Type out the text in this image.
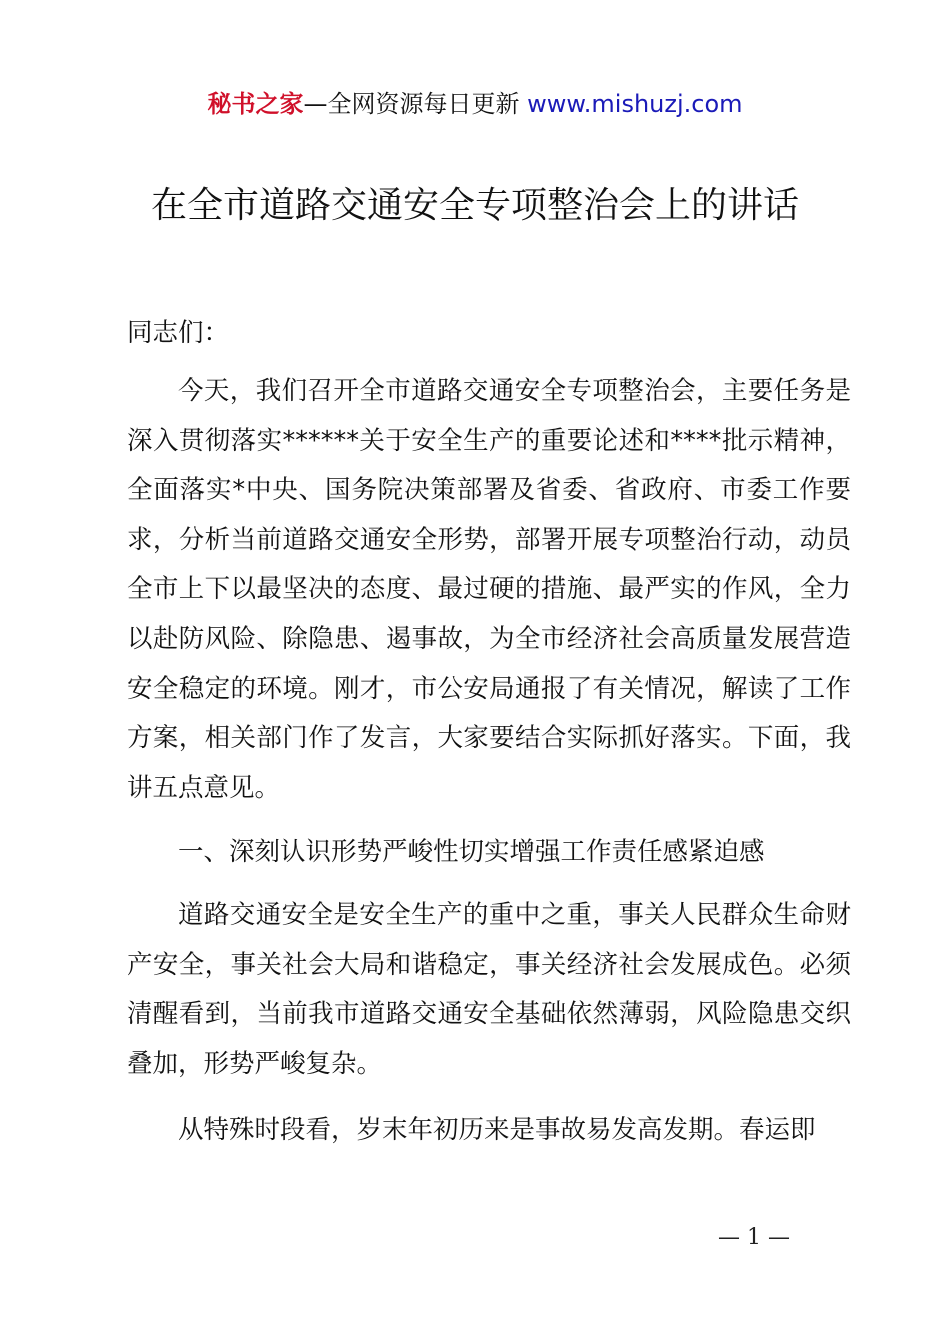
秘书之家—全网资源每日更新 www.mishuzj.com
在全市道路交通安全专项整治会上的讲话
同志们：

今天，我们召开全市道路交通安全专项整治会，主要任务是深入贯彻落实******关于安全生产的重要论述和****批示精神，全面落实*中央、国务院决策部署及省委、省政府、市委工作要求，分析当前道路交通安全形势，部署开展专项整治行动，动员全市上下以最坚决的态度、最过硬的措施、最严实的作风，全力以赴防风险、除隐患、遏事故，为全市经济社会高质量发展营造安全稳定的环境。刚才，市公安局通报了有关情况，解读了工作方案，相关部门作了发言，大家要结合实际抓好落实。下面，我讲五点意见。

一、深刻认识形势严峻性切实增强工作责任感紧迫感

道路交通安全是安全生产的重中之重，事关人民群众生命财产安全，事关社会大局和谐稳定，事关经济社会发展成色。必须清醒看到，当前我市道路交通安全基础依然薄弱，风险隐患交织叠加，形势严峻复杂。

从特殊时段看，岁末年初历来是事故易发高发期。春运即

— 1 —
